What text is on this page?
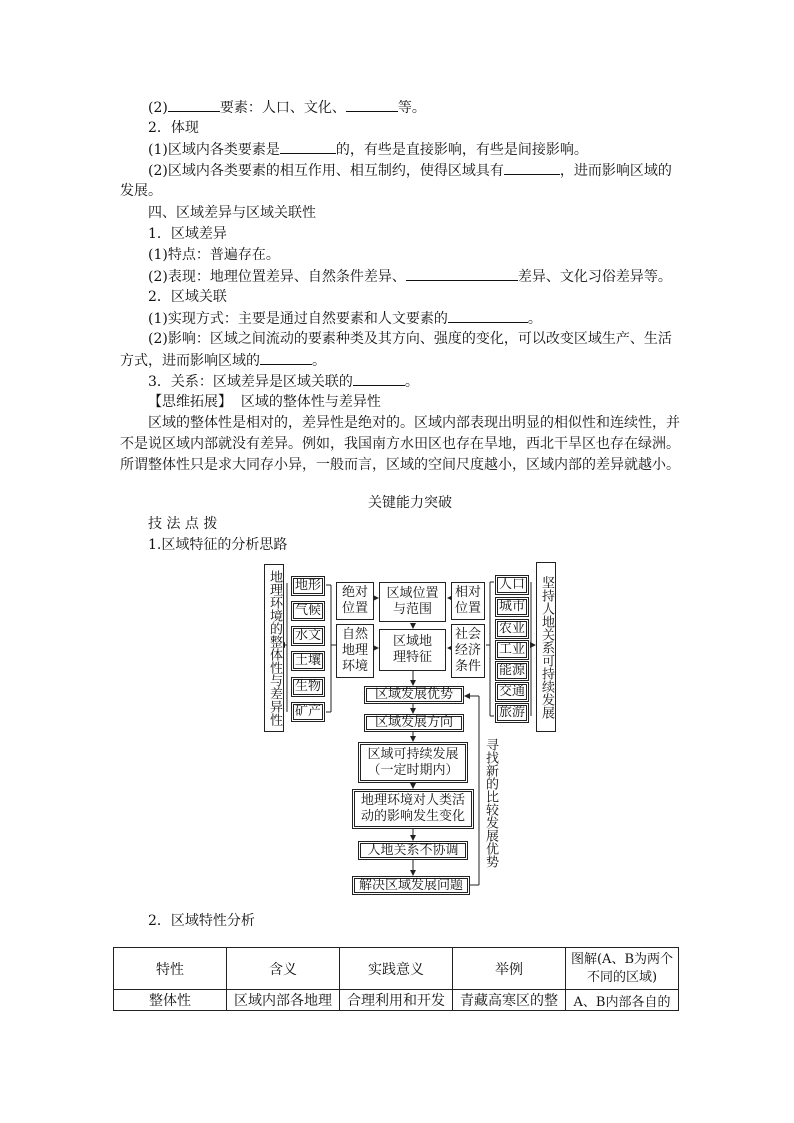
(2)	要素：人口、文化、	等。
2．体现
(1)区域内各类要素是	的，有些是直接影响，有些是间接影响。
(2)区域内各类要素的相互作用、相互制约，使得区域具有	，进而影响区域的
发展。
四、区域差异与区域关联性
1．区域差异
(1)特点：普遍存在。
(2)表现：地理位置差异、自然条件差异、	差异、文化习俗差异等。
2．区域关联
(1)实现方式：主要是通过自然要素和人文要素的	。
(2)影响：区域之间流动的要素种类及其方向、强度的变化，可以改变区域生产、生活
方式，进而影响区域的	。
3．关系：区域差异是区域关联的	。
【思维拓展】 区域的整体性与差异性
区域的整体性是相对的，差异性是绝对的。区域内部表现出明显的相似性和连续性，并
不是说区域内部就没有差异。例如，我国南方水田区也存在旱地，西北干旱区也存在绿洲。
所谓整体性只是求大同存小异，一般而言，区域的空间尺度越小，区域内部的差异就越小。
关键能力突破
技 法 点 拨
1.区域特征的分析思路
2．区域特性分析
地理环境的整体性与差异性	坚持人地关系可持续发展
地形
气候
水文
土壤
生物
矿产
绝对位置
自然地理环境
区域位置与范围
区域地理特征
相对位置
社会经济条件
人口
城市
农业
工业
能源
交通
旅游
区域发展优势
区域发展方向
区域可持续发展（一定时期内）
地理环境对人类活动的影响发生变化
人地关系不协调
解决区域发展问题
寻找新的比较发展优势
特性	含义	实践意义	举例	图解(A、B为两个不同的区域)
整体性	区域内部各地理	合理利用和开发	青藏高寒区的整	A、B内部各自的
